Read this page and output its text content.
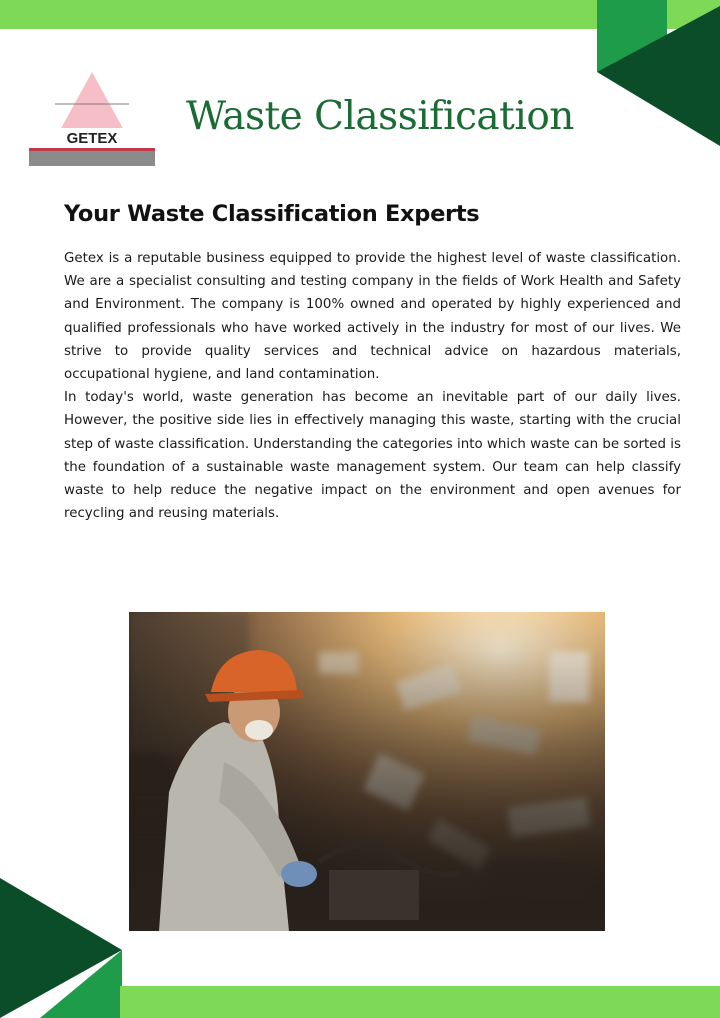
GETEX Waste Classification
Your Waste Classification Experts

Getex is a reputable business equipped to provide the highest level of waste classification. We are a specialist consulting and testing company in the fields of Work Health and Safety and Environment. The company is 100% owned and operated by highly experienced and qualified professionals who have worked actively in the industry for most of our lives. We strive to provide quality services and technical advice on hazardous materials, occupational hygiene, and land contamination.

In today's world, waste generation has become an inevitable part of our daily lives. However, the positive side lies in effectively managing this waste, starting with the crucial step of waste classification. Understanding the categories into which waste can be sorted is the foundation of a sustainable waste management system. Our team can help classify waste to help reduce the negative impact on the environment and open avenues for recycling and reusing materials.
